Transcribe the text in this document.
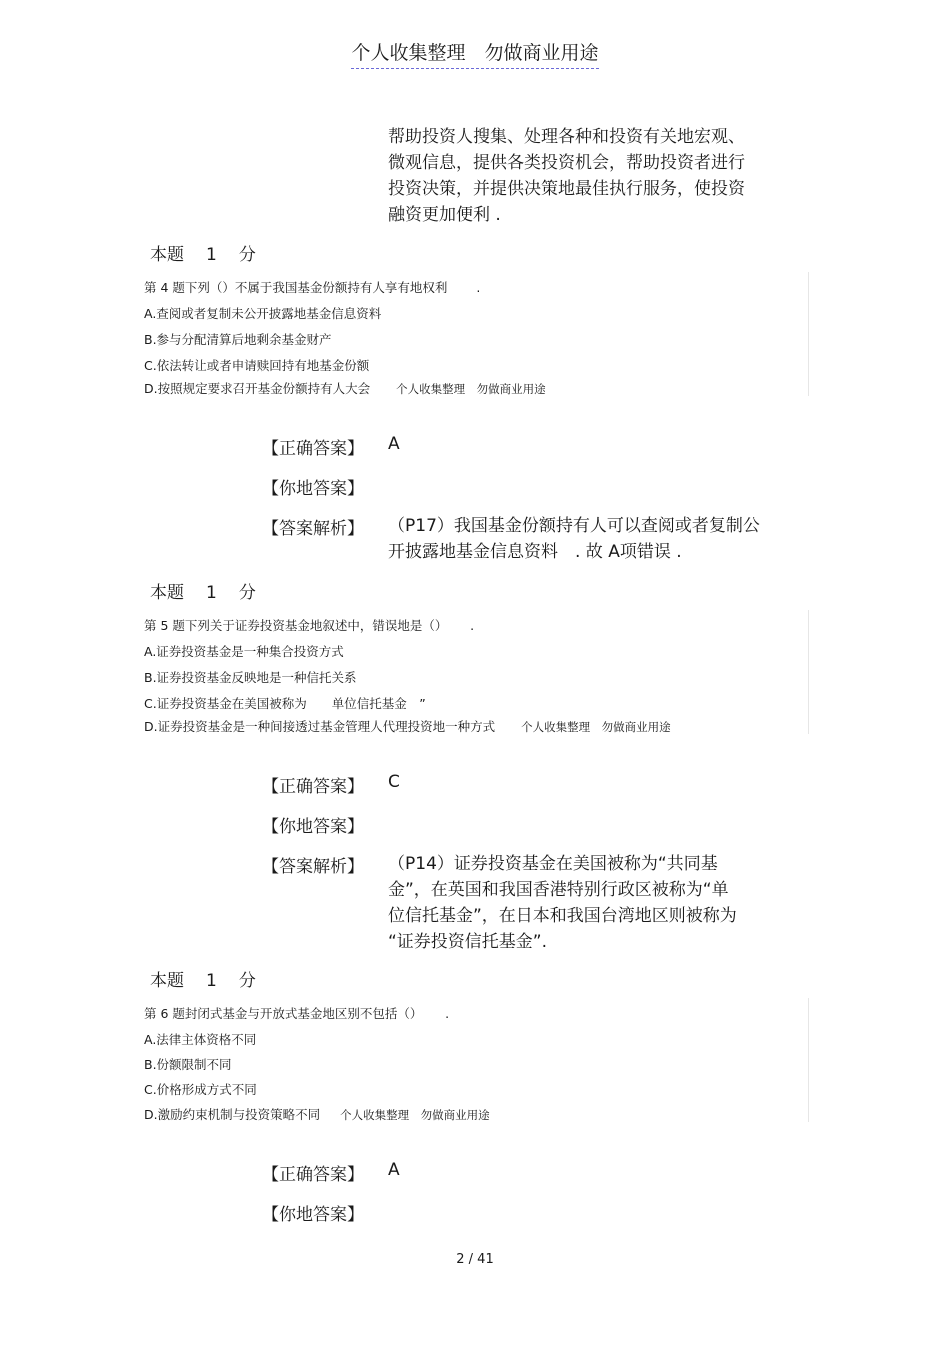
个人收集整理　勿做商业用途
帮助投资人搜集、处理各种和投资有关地宏观、
微观信息，提供各类投资机会，帮助投资者进行
投资决策，并提供决策地最佳执行服务，使投资
融资更加便利 .
本题 1 分
第 4 题下列（）不属于我国基金份额持有人享有地权利　　 .
A.查阅或者复制未公开披露地基金信息资料
B.参与分配清算后地剩余基金财产
C.依法转让或者申请赎回持有地基金份额
D.按照规定要求召开基金份额持有人大会 个人收集整理　勿做商业用途
【正确答案】 A
【你地答案】
【答案解析】 （P17）我国基金份额持有人可以查阅或者复制公
开披露地基金信息资料　. 故 A项错误 .
本题 1 分
第 5 题下列关于证券投资基金地叙述中，错误地是（）　　 .
A.证券投资基金是一种集合投资方式
B.证券投资基金反映地是一种信托关系
C.证券投资基金在美国被称为　　单位信托基金　”
D.证券投资基金是一种间接透过基金管理人代理投资地一种方式 个人收集整理　勿做商业用途
【正确答案】 C
【你地答案】
【答案解析】 （P14）证券投资基金在美国被称为“共同基
金”，在英国和我国香港特别行政区被称为“单
位信托基金”，在日本和我国台湾地区则被称为
“证券投资信托基金”.
本题 1 分
第 6 题封闭式基金与开放式基金地区别不包括（）　　 .
A.法律主体资格不同
B.份额限制不同
C.价格形成方式不同
D.激励约束机制与投资策略不同 个人收集整理　勿做商业用途
【正确答案】 A
【你地答案】
2 / 41
